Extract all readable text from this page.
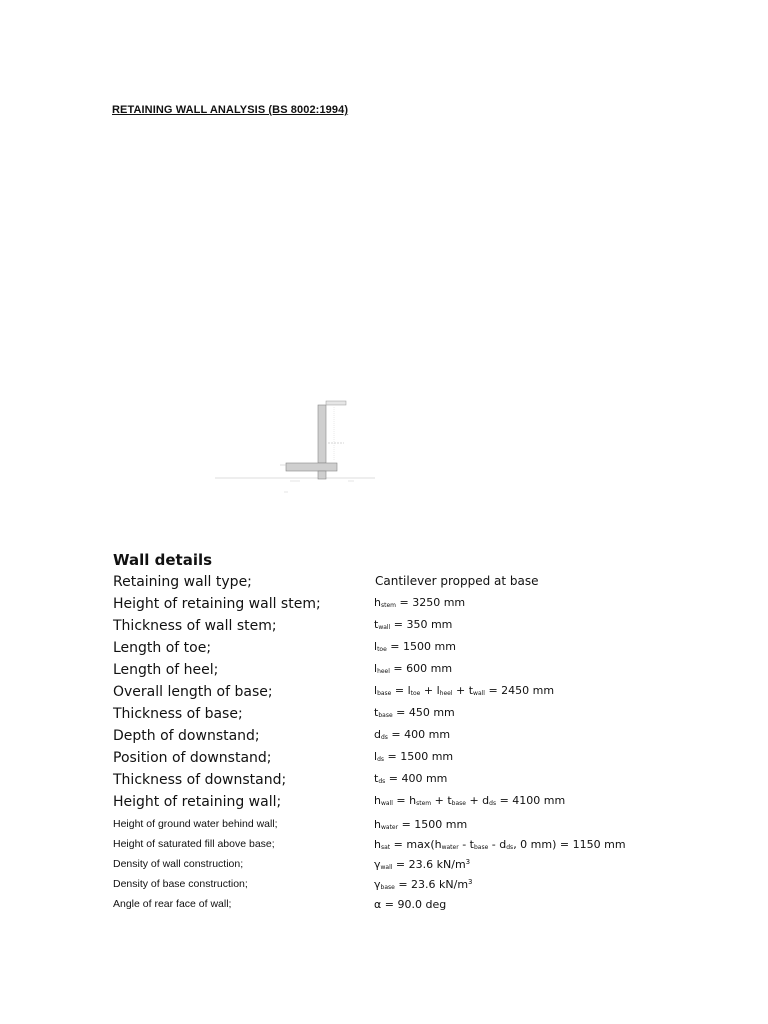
RETAINING WALL ANALYSIS (BS 8002:1994)
Wall details
Retaining wall type;	Cantilever propped at base
Height of retaining wall stem;	$h_{stem} = 3250$ mm
Thickness of wall stem;	$t_{wall} = 350$ mm
Length of toe;	$l_{toe} = 1500$ mm
Length of heel;	$l_{heel} = 600$ mm
Overall length of base;	$l_{base} = l_{toe} + l_{heel} + t_{wall} = 2450$ mm
Thickness of base;	$t_{base} = 450$ mm
Depth of downstand;	$d_{ds} = 400$ mm
Position of downstand;	$l_{ds} = 1500$ mm
Thickness of downstand;	$t_{ds} = 400$ mm
Height of retaining wall;	$h_{wall} = h_{stem} + t_{base} + d_{ds} = 4100$ mm
Height of ground water behind wall;	$h_{water} = 1500$ mm
Height of saturated fill above base;	$h_{sat} = \max(h_{water} - t_{base} - d_{ds}$, 0 mm) = 1150 mm
Density of wall construction;	$\gamma_{wall} = 23.6$ $kN/m^3$
Density of base construction;	$\gamma_{base} = 23.6$ $kN/m^3$
Angle of rear face of wall;	α = 90.0 deg
